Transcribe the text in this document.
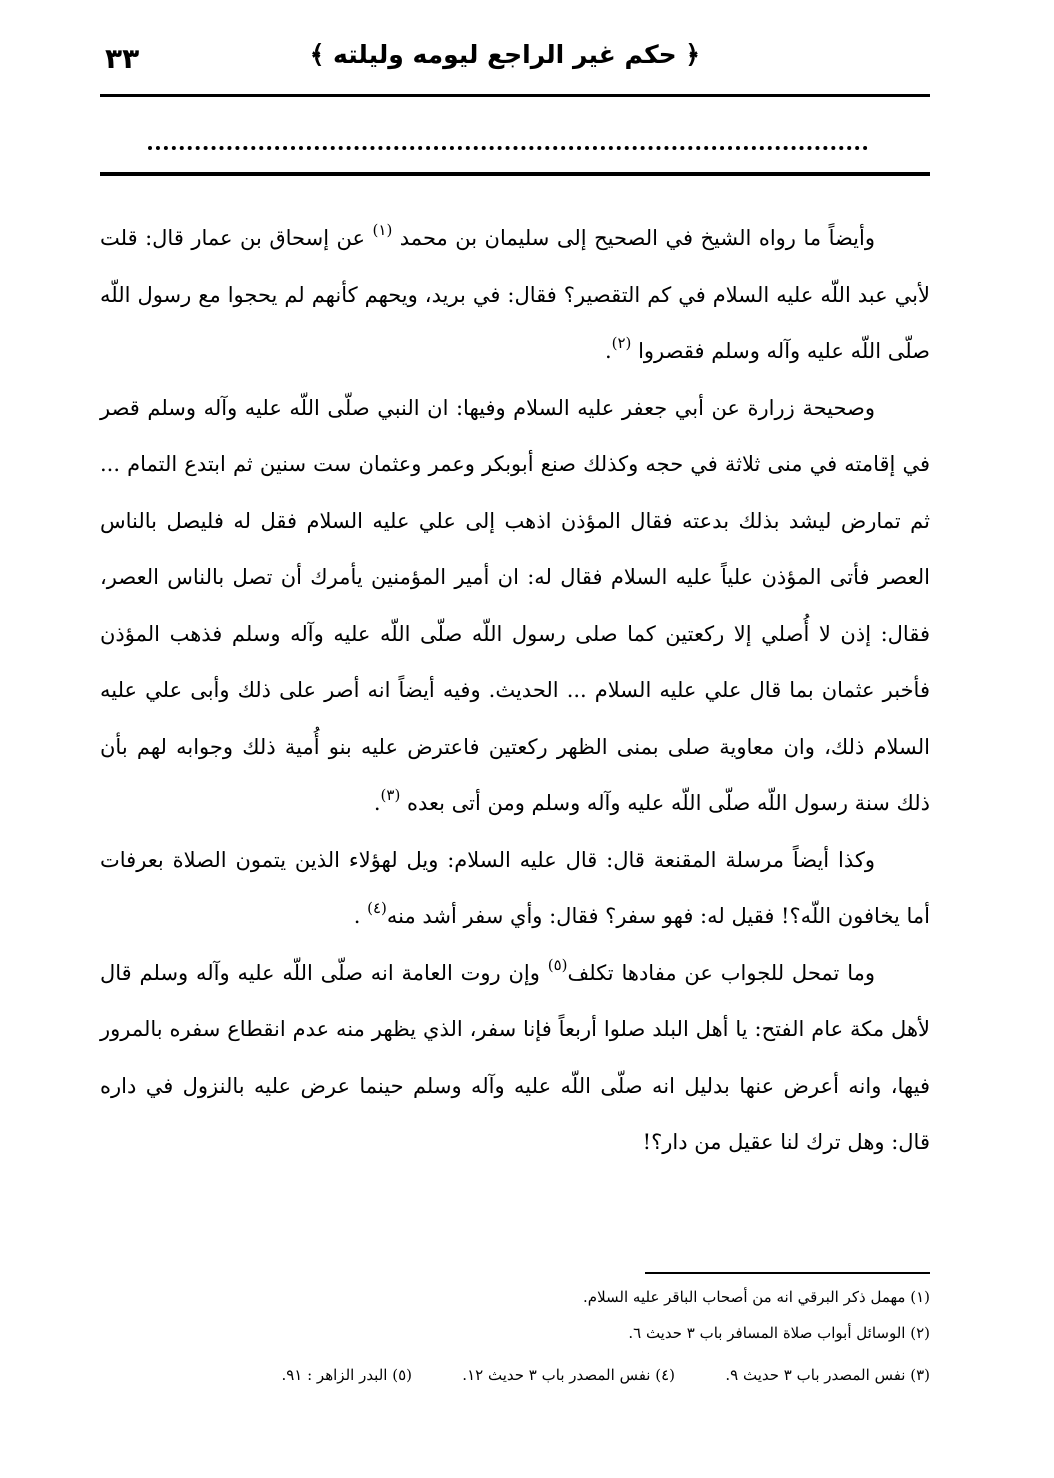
﴿ حكم غير الراجع ليومه وليلته ﴾
٣٣

وأيضاً ما رواه الشيخ في الصحيح إلى سليمان بن محمد $^{(١)}$ عن إسحاق بن عمار قال: قلت لأبي عبد اللّه عليه السلام في كم التقصير؟ فقال: في بريد، ويحهم كأنهم لم يحجوا مع رسول اللّه صلّى اللّه عليه وآله وسلم فقصروا $^{(٢)}$.

وصحيحة زرارة عن أبي جعفر عليه السلام وفيها: ان النبي صلّى اللّه عليه وآله وسلم قصر في إقامته في منى ثلاثة في حجه وكذلك صنع أبوبكر وعمر وعثمان ست سنين ثم ابتدع التمام ... ثم تمارض ليشد بذلك بدعته فقال المؤذن اذهب إلى علي عليه السلام فقل له فليصل بالناس العصر فأتى المؤذن علياً عليه السلام فقال له: ان أمير المؤمنين يأمرك أن تصل بالناس العصر، فقال: إذن لا أُصلي إلا ركعتين كما صلى رسول اللّه صلّى اللّه عليه وآله وسلم فذهب المؤذن فأخبر عثمان بما قال علي عليه السلام ... الحديث. وفيه أيضاً انه أصر على ذلك وأبى علي عليه السلام ذلك، وان معاوية صلى بمنى الظهر ركعتين فاعترض عليه بنو أُمية ذلك وجوابه لهم بأن ذلك سنة رسول اللّه صلّى اللّه عليه وآله وسلم ومن أتى بعده $^{(٣)}$.

وكذا أيضاً مرسلة المقنعة قال: قال عليه السلام: ويل لهؤلاء الذين يتمون الصلاة بعرفات أما يخافون اللّه؟! فقيل له: فهو سفر؟ فقال: وأي سفر أشد منه$^{(٤)}$ .

وما تمحل للجواب عن مفادها تكلف$^{(٥)}$ وإن روت العامة انه صلّى اللّه عليه وآله وسلم قال لأهل مكة عام الفتح: يا أهل البلد صلوا أربعاً فإنا سفر، الذي يظهر منه عدم انقطاع سفره بالمرور فيها، وانه أعرض عنها بدليل انه صلّى اللّه عليه وآله وسلم حينما عرض عليه بالنزول في داره قال: وهل ترك لنا عقيل من دار؟!

(١) مهمل ذكر البرقي انه من أصحاب الباقر عليه السلام.
(٢) الوسائل أبواب صلاة المسافر باب ٣ حديث ٦.
(٣) نفس المصدر باب ٣ حديث ٩.
(٤) نفس المصدر باب ٣ حديث ١٢.
(٥) البدر الزاهر : ٩١.
